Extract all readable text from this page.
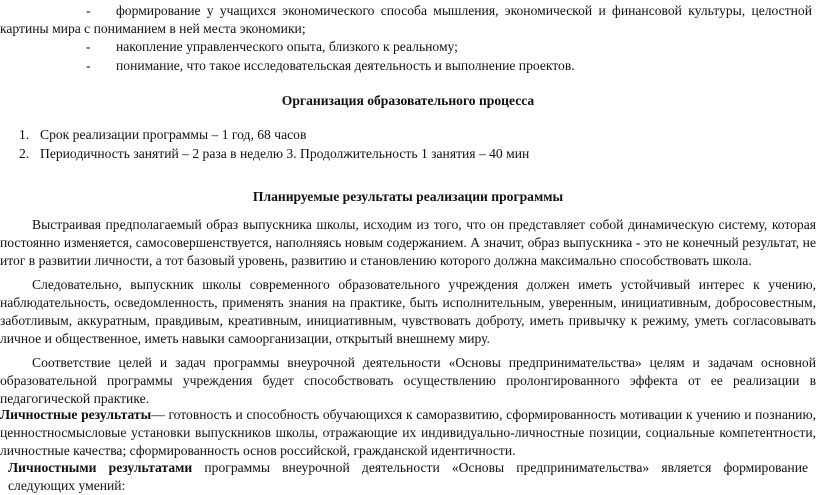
-	формирование у учащихся экономического способа мышления, экономической и финансовой культуры, целостной картины мира с пониманием в ней места экономики;
- накопление управленческого опыта, близкого к реальному;
- понимание, что такое исследовательская деятельность и выполнение проектов.
Организация образовательного процесса
1. Срок реализации программы – 1 год, 68 часов
2. Периодичность занятий – 2 раза в неделю 3. Продолжительность 1 занятия – 40 мин
Планируемые результаты реализации программы
Выстраивая предполагаемый образ выпускника школы, исходим из того, что он представляет собой динамическую систему, которая постоянно изменяется, самосовершенствуется, наполняясь новым содержанием. А значит, образ выпускника - это не конечный результат, не итог в развитии личности, а тот базовый уровень, развитию и становлению которого должна максимально способствовать школа.
Следовательно, выпускник школы современного образовательного учреждения должен иметь устойчивый интерес к учению, наблюдательность, осведомленность, применять знания на практике, быть исполнительным, уверенным, инициативным, добросовестным, заботливым, аккуратным, правдивым, креативным, инициативным, чувствовать доброту, иметь привычку к режиму, уметь согласовывать личное и общественное, иметь навыки самоорганизации, открытый внешнему миру.
Соответствие целей и задач программы внеурочной деятельности «Основы предпринимательства» целям и задачам основной образовательной программы учреждения будет способствовать осуществлению пролонгированного эффекта от ее реализации в педагогической практике.
Личностные результаты— готовность и способность обучающихся к саморазвитию, сформированность мотивации к учению и познанию, ценностносмысловые установки выпускников школы, отражающие их индивидуально-личностные позиции, социальные компетентности, личностные качества; сформированность основ российской, гражданской идентичности.
Личностными результатами программы внеурочной деятельности «Основы предпринимательства» является формирование следующих умений:
